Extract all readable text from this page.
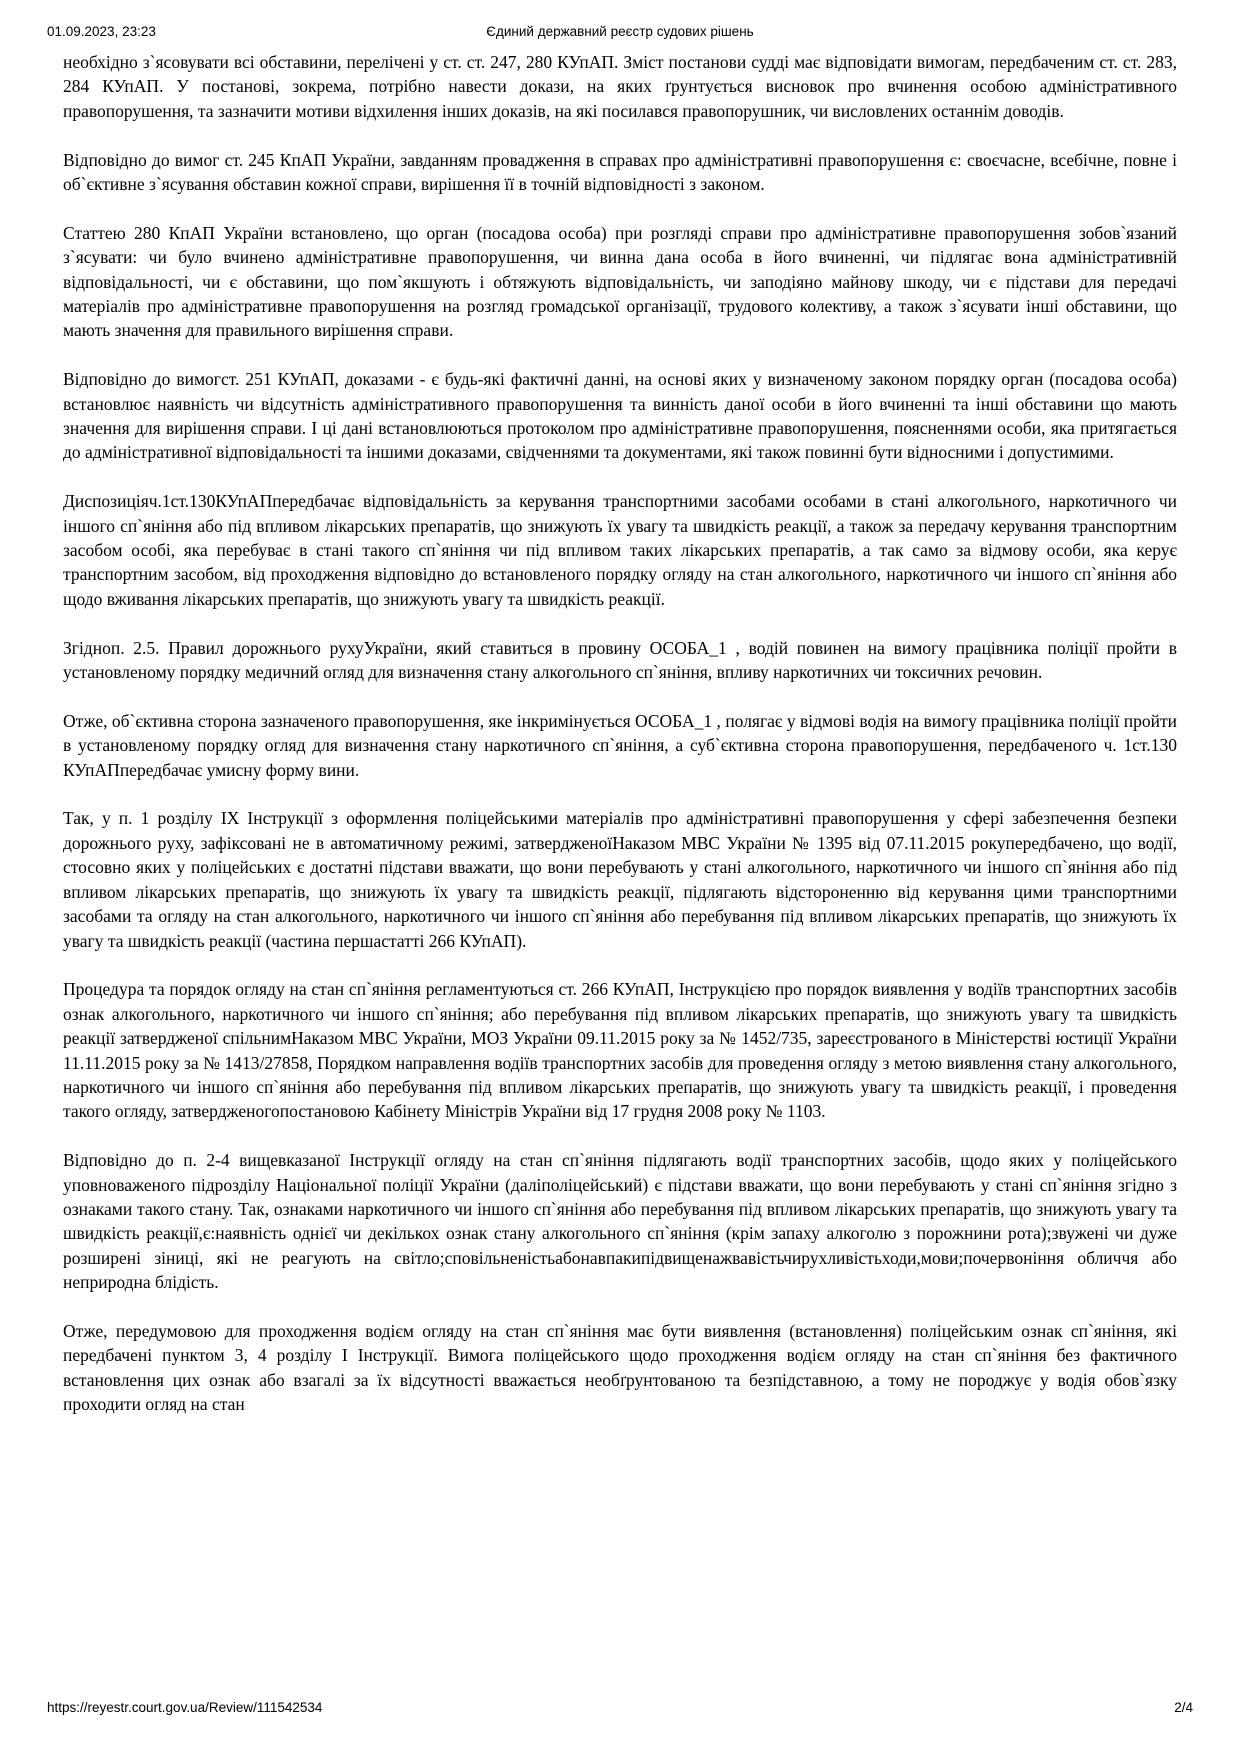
01.09.2023, 23:23	Єдиний державний реєстр судових рішень

необхідно з`ясовувати всі обставини, перелічені у ст. ст. 247, 280 КУпАП. Зміст постанови судді має відповідати вимогам, передбаченим ст. ст. 283, 284 КУпАП. У постанові, зокрема, потрібно навести докази, на яких ґрунтується висновок про вчинення особою адміністративного правопорушення, та зазначити мотиви відхилення інших доказів, на які посилався правопорушник, чи висловлених останнім доводів.

Відповідно до вимог ст. 245 КпАП України, завданням провадження в справах про адміністративні правопорушення є: своєчасне, всебічне, повне і об`єктивне з`ясування обставин кожної справи, вирішення її в точній відповідності з законом.

Статтею 280 КпАП України встановлено, що орган (посадова особа) при розгляді справи про адміністративне правопорушення зобов`язаний з`ясувати: чи було вчинено адміністративне правопорушення, чи винна дана особа в його вчиненні, чи підлягає вона адміністративній відповідальності, чи є обставини, що пом`якшують і обтяжують відповідальність, чи заподіяно майнову шкоду, чи є підстави для передачі матеріалів про адміністративне правопорушення на розгляд громадської організації, трудового колективу, а також з`ясувати інші обставини, що мають значення для правильного вирішення справи.

Відповідно до вимогст. 251 КУпАП, доказами - є будь-які фактичні данні, на основі яких у визначеному законом порядку орган (посадова особа) встановлює наявність чи відсутність адміністративного правопорушення та винність даної особи в його вчиненні та інші обставини що мають значення для вирішення справи. І ці дані встановлюються протоколом про адміністративне правопорушення, поясненнями особи, яка притягається до адміністративної відповідальності та іншими доказами, свідченнями та документами, які також повинні бути відносними і допустимими.

Диспозиціяч.1ст.130КУпАПпередбачає відповідальність за керування транспортними засобами особами в стані алкогольного, наркотичного чи іншого сп`яніння або під впливом лікарських препаратів, що знижують їх увагу та швидкість реакції, а також за передачу керування транспортним засобом особі, яка перебуває в стані такого сп`яніння чи під впливом таких лікарських препаратів, а так само за відмову особи, яка керує транспортним засобом, від проходження відповідно до встановленого порядку огляду на стан алкогольного, наркотичного чи іншого сп`яніння або щодо вживання лікарських препаратів, що знижують увагу та швидкість реакції.

Згідноп. 2.5. Правил дорожнього рухуУкраїни, який ставиться в провину ОСОБА_1 , водій повинен на вимогу працівника поліції пройти в установленому порядку медичний огляд для визначення стану алкогольного сп`яніння, впливу наркотичних чи токсичних речовин.

Отже, об`єктивна сторона зазначеного правопорушення, яке інкримінується ОСОБА_1 , полягає у відмові водія на вимогу працівника поліції пройти в установленому порядку огляд для визначення стану наркотичного сп`яніння, а суб`єктивна сторона правопорушення, передбаченого ч. 1ст.130 КУпАПпередбачає умисну форму вини.

Так, у п. 1 розділу IX Інструкції з оформлення поліцейськими матеріалів про адміністративні правопорушення у сфері забезпечення безпеки дорожнього руху, зафіксовані не в автоматичному режимі, затвердженоїНаказом МВС України № 1395 від 07.11.2015 рокупередбачено, що водії, стосовно яких у поліцейських є достатні підстави вважати, що вони перебувають у стані алкогольного, наркотичного чи іншого сп`яніння або під впливом лікарських препаратів, що знижують їх увагу та швидкість реакції, підлягають відстороненню від керування цими транспортними засобами та огляду на стан алкогольного, наркотичного чи іншого сп`яніння або перебування під впливом лікарських препаратів, що знижують їх увагу та швидкість реакції (частина першастатті 266 КУпАП).

Процедура та порядок огляду на стан сп`яніння регламентуються ст. 266 КУпАП, Інструкцією про порядок виявлення у водіїв транспортних засобів ознак алкогольного, наркотичного чи іншого сп`яніння; або перебування під впливом лікарських препаратів, що знижують увагу та швидкість реакції затвердженої спільнимНаказом МВС України, МОЗ України 09.11.2015 року за № 1452/735, зареєстрованого в Міністерстві юстиції України 11.11.2015 року за № 1413/27858, Порядком направлення водіїв транспортних засобів для проведення огляду з метою виявлення стану алкогольного, наркотичного чи іншого сп`яніння або перебування під впливом лікарських препаратів, що знижують увагу та швидкість реакції, і проведення такого огляду, затвердженогопостановою Кабінету Міністрів України від 17 грудня 2008 року № 1103.

Відповідно до п. 2-4 вищевказаної Інструкції огляду на стан сп`яніння підлягають водії транспортних засобів, щодо яких у поліцейського уповноваженого підрозділу Національної поліції України (даліполіцейський) є підстави вважати, що вони перебувають у стані сп`яніння згідно з ознаками такого стану. Так, ознаками наркотичного чи іншого сп`яніння або перебування під впливом лікарських препаратів, що знижують увагу та швидкість реакції,є:наявність однієї чи декількох ознак стану алкогольного сп`яніння (крім запаху алкоголю з порожнини рота);звужені чи дуже розширені зіниці, які не реагують на світло;сповільненістьабонавпакипідвищенажвавістьчирухливістьходи,мови;почервоніння обличчя або неприродна блідість.

Отже, передумовою для проходження водієм огляду на стан сп`яніння має бути виявлення (встановлення) поліцейським ознак сп`яніння, які передбачені пунктом 3, 4 розділу I Інструкції. Вимога поліцейського щодо проходження водієм огляду на стан сп`яніння без фактичного встановлення цих ознак або взагалі за їх відсутності вважається необґрунтованою та безпідставною, а тому не породжує у водія обов`язку проходити огляд на стан

https://reyestr.court.gov.ua/Review/111542534	2/4
